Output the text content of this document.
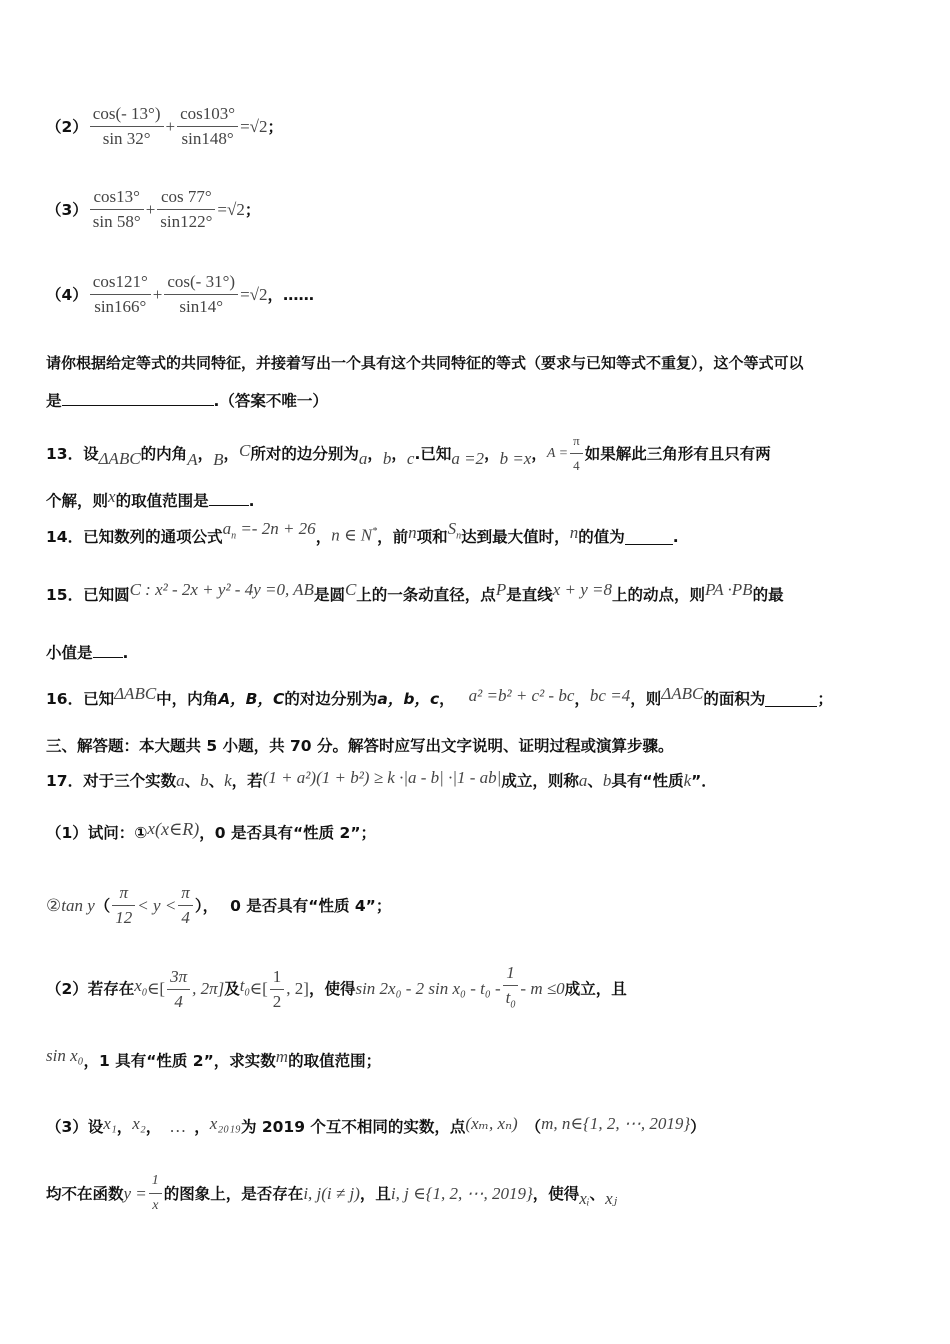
$(2) \frac{\cos(- 13^\circ)}{\sin 32^\circ} + \frac{\cos 103^\circ}{\sin 148^\circ} =√2$ ；
$(3) \frac{\cos 13^\circ}{\sin 58^\circ} + \frac{\cos 77^\circ}{\sin 122^\circ} =√2$ ；
$(4) \frac{\cos 121^\circ}{\sin 166^\circ} + \frac{\cos(- 31^\circ)}{\sin 14^\circ} =√2$ ，……
请你根据给定等式的共同特征，并接着写出一个具有这个共同特征的等式（要求与已知等式不重复），这个等式可以
是	.（答案不唯一）
13．设 ΔABC 的内角 A ， B ， C 所对的边分别为 a ， b ， c .已知 a =2 ， b =x ， $A = \frac{\pi}{4}$ 如果解此三角形有且只有两
个解，则x的取值范围是	.
14．已知数列的通项公式 $a_n =- 2n + 26$ ， n ∈ N* ，前 n 项和 $S_n$ 达到最大值时， n 的值为	.
15．已知圆 C : x² - 2x + y² - 4y =0, AB 是圆 C 上的一条动直径，点 P 是直线 x + y =8 上的动点，则 PA ·PB 的最
小值是 .
16．已知 ΔABC 中，内角 A，B，C 的对边分别为 a，b，c ， a² =b² + c² - bc ， bc =4 ，则 ΔABC 的面积为	；
三、解答题：本大题共 5 小题，共 70 分。解答时应写出文字说明、证明过程或演算步骤。
17．对于三个实数 a 、 b 、 k ，若 (1 + a²)(1 + b²) ≥ k ·|a - b| ·|1 - ab| 成立，则称 a 、 b 具有“性质 k ”．
（1）试问：① x (x∈R) ，0 是否具有“性质 2”；
② tan y （ $\frac{\pi}{12} < y < \frac{\pi}{4}$ ）， 0 是否具有“性质 4”；
（2）若存在 $x_0$ ∈[ $\frac{3\pi}{4}$ , 2π] 及 $t_0$ ∈[ $\frac{1}{2}$ , 2] ，使得 sin 2x₀ - 2 $\sin x_0 - t_0 - \frac{1}{t_0} - m \le 0$ 成立，且
sin x₀ ，1 具有“性质 2”，求实数 m 的取值范围；
（3）设 x₁ ， x₂ ， … ， x₂₀₁₉ 为 2019 个互不相同的实数，点 (xₘ, xₙ) （ m, n∈{1, 2, ⋯, 2019} ）
均不在函数 $y = \frac{1}{x}$ 的图象上，是否存在 i, j (i ≠ j) ，且 i, j ∈{1, 2, ⋯, 2019} ，使得 xᵢ 、 xⱼ
